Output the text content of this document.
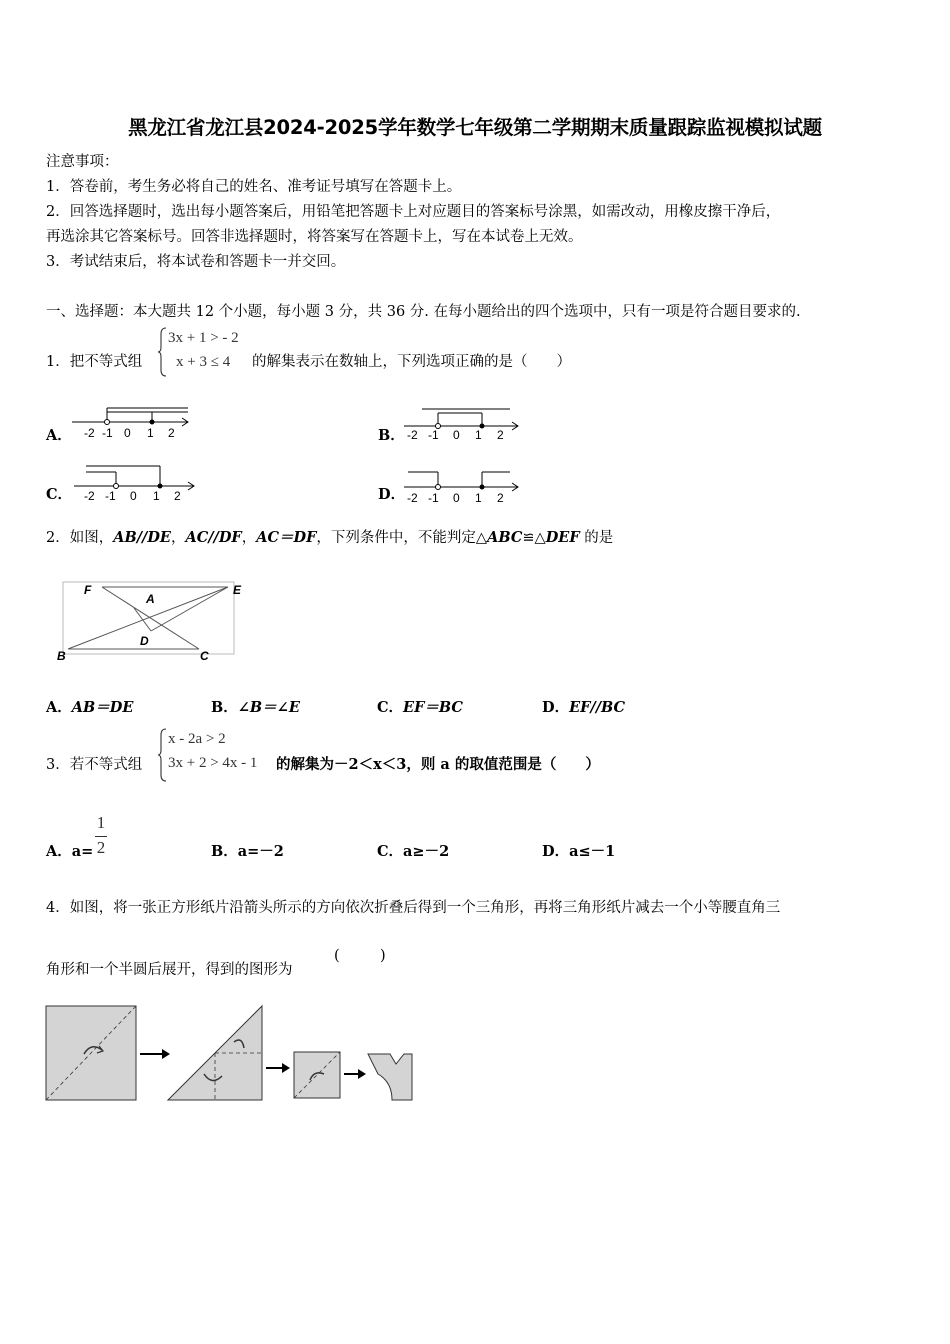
黑龙江省龙江县2024-2025学年数学七年级第二学期期末质量跟踪监视模拟试题
注意事项：
1．答卷前，考生务必将自己的姓名、准考证号填写在答题卡上。
2．回答选择题时，选出每小题答案后，用铅笔把答题卡上对应题目的答案标号涂黑，如需改动，用橡皮擦干净后，
再选涂其它答案标号。回答非选择题时，将答案写在答题卡上，写在本试卷上无效。
3．考试结束后，将本试卷和答题卡一并交回。
一、选择题：本大题共 12 个小题，每小题 3 分，共 36 分. 在每小题给出的四个选项中，只有一项是符合题目要求的.
1．把不等式组
3x + 1 > - 2
x + 3 ≤ 4	的解集表示在数轴上，下列选项正确的是（　　）
A． -2 -1 0 1 2	B． -2 -1 0 1 2
C． -2 -1 0 1 2	D． -2 -1 0 1 2
2．如图，AB//DE，AC//DF，AC＝DF，下列条件中，不能判定△ABC≌△DEF 的是
F
A
E
D
B	C
A．AB＝DE	B．∠B＝∠E	C．EF＝BC	D．EF//BC
3．若不等式组
x - 2a > 2
3x + 2 > 4x - 1 的解集为－2＜x＜3，则 a 的取值范围是（　　）
A．a=
1
2	B．a=－2	C．a≥－2	D．a≤－1
4．如图，将一张正方形纸片沿箭头所示的方向依次折叠后得到一个三角形，再将三角形纸片减去一个小等腰直角三
角形和一个半圆后展开，得到的图形为
(	)
